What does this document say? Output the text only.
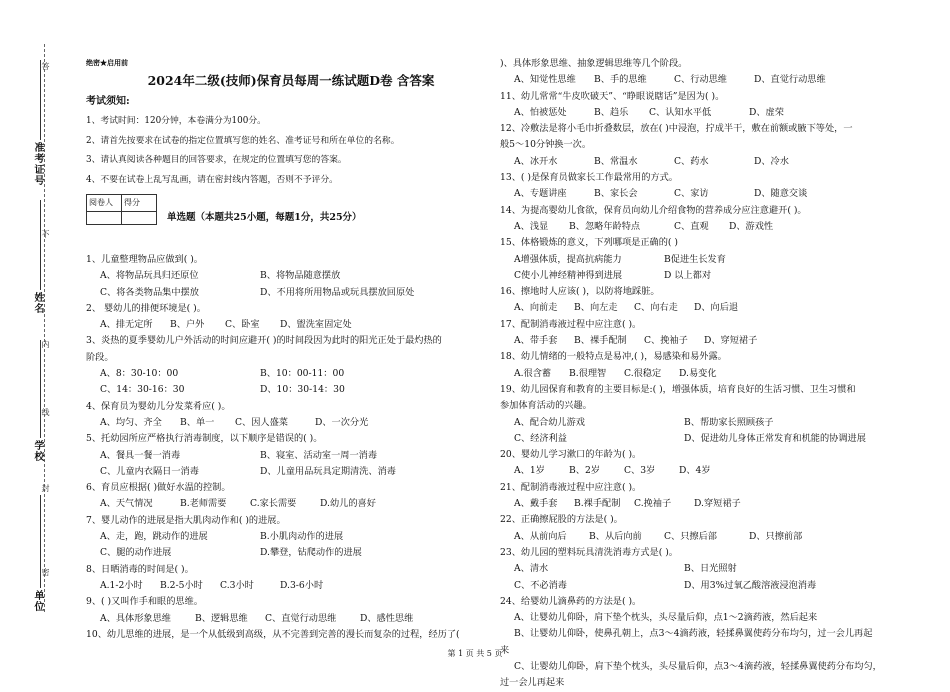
准考证号
姓名
学校
单位
答
不
内
线
封
密
绝密★启用前
2024年二级(技师)保育员每周一练试题D卷 含答案
考试须知:
1、考试时间：120分钟，本卷满分为100分。
2、请首先按要求在试卷的指定位置填写您的姓名、准考证号和所在单位的名称。
3、请认真阅读各种题目的回答要求，在规定的位置填写您的答案。
4、不要在试卷上乱写乱画，请在密封线内答题，否则不予评分。
阅卷人	得分

单选题（本题共25小题，每题1分，共25分）
1、儿童整理物品应做到( )。
A、将物品玩具归还原位	B、将物品随意摆放
C、将各类物品集中摆放	D、不用将所用物品或玩具摆放回原处
2、 婴幼儿的排便环境是( )。
A、排无定所	B、户外	C、卧室	D、盥洗室固定处
3、炎热的夏季婴幼儿户外活动的时间应避开( )的时间段因为此时的阳光正处于最灼热的
阶段。
A、8：30-10：00	B、10：00-11：00
C、14：30-16：30	D、10：30-14：30
4、保育员为婴幼儿分发菜肴应( )。
A、均匀、齐全	B、单一	C、因人盛菜	D、一次分光
5、托幼园所应严格执行消毒制度，以下顺序是错误的( )。
A、餐具一餐一消毒	B、寝室、活动室一周一消毒
C、儿童内衣隔日一消毒	D、儿童用品玩具定期清洗、消毒
6、育员应根据( )做好水温的控制。
A、天气情况	B.老师需要	C.家长需要	D.幼儿的喜好
7、婴儿动作的进展是指大肌肉动作和( )的进展。
A、走，跑，跳动作的进展	B.小肌肉动作的进展
C、腿的动作进展	D.攀登，钻爬动作的进展
8、日晒消毒的时间是( )。
A.1-2小时	B.2-5小时	C.3小时	D.3-6小时
9、( )又叫作手和眼的思维。
A、具体形象思维	B、逻辑思维	C、直觉行动思维	D、感性思维
10、幼儿思维的进展，是一个从低级到高级，从不完善到完善的漫长而复杂的过程，经历了(
)、具体形象思维、抽象逻辑思维等几个阶段。
A、知觉性思维	B、手的思维	C、行动思维	D、直觉行动思维
11、幼儿常常“牛皮吹破天”、“睁眼说瞎话”是因为( )。
A、怕被惩处	B、趋乐	C、认知水平低	D、虚荣
12、冷敷法是将小毛巾折叠数层，放在( )中浸泡，拧成半干，敷在前额或腋下等处，一
般5～10分钟换一次。
A、冰开水	B、常温水	C、药水	D、冷水
13、( )是保育员做家长工作最常用的方式。
A、专题讲座	B、家长会	C、家访	D、随意交谈
14、为提高婴幼儿食欲，保育员向幼儿介绍食物的营养成分应注意避开( )。
A、浅显	B、忽略年龄特点	C、直观	D、游戏性
15、体格锻炼的意义，下列哪项是正确的( )
A增强体质，提高抗病能力	B促进生长发育
C使小儿神经精神得到进展	D 以上都对
16、擦地时人应该( )，以防将地踩脏。
A、向前走	B、向左走	C、向右走	D、向后退
17、配制消毒液过程中应注意( )。
A、带手套	B、裸手配制	C、挽袖子	D、穿短裙子
18、幼儿情绪的一般特点是易冲,( )，易感染和易外露。
A.很含蓄	B.很理智	C.很稳定	D.易变化
19、幼儿园保育和教育的主要目标是:( )，增强体质，培育良好的生活习惯、卫生习惯和
参加体育活动的兴趣。
A、配合幼儿游戏	B、帮助家长照顾孩子
C、经济利益	D、促进幼儿身体正常发育和机能的协调进展
20、婴幼儿学习漱口的年龄为( )。
A、1岁	B、2岁	C、3岁	D、4岁
21、配制消毒液过程中应注意( )。
A、戴手套	B.裸手配制	C.挽袖子	D.穿短裙子
22、正确擦屁股的方法是( )。
A、从前向后	B、从后向前	C、只擦后部	D、只擦前部
23、幼儿园的塑料玩具清洗消毒方式是( )。
A、清水	B、日光照射
C、不必消毒	D、用3%过氧乙酸溶液浸泡消毒
24、给婴幼儿滴鼻药的方法是( )。
A、让婴幼儿仰卧，肩下垫个枕头，头尽量后仰，点1～2滴药液，然后起来
B、让婴幼儿仰卧，使鼻孔朝上，点3～4滴药液，轻揉鼻翼使药分布均匀，过一会儿再起
来
C、让婴幼儿仰卧，肩下垫个枕头，头尽量后仰，点3～4滴药液，轻揉鼻翼使药分布均匀，
过一会儿再起来
第 1 页 共 5 页
